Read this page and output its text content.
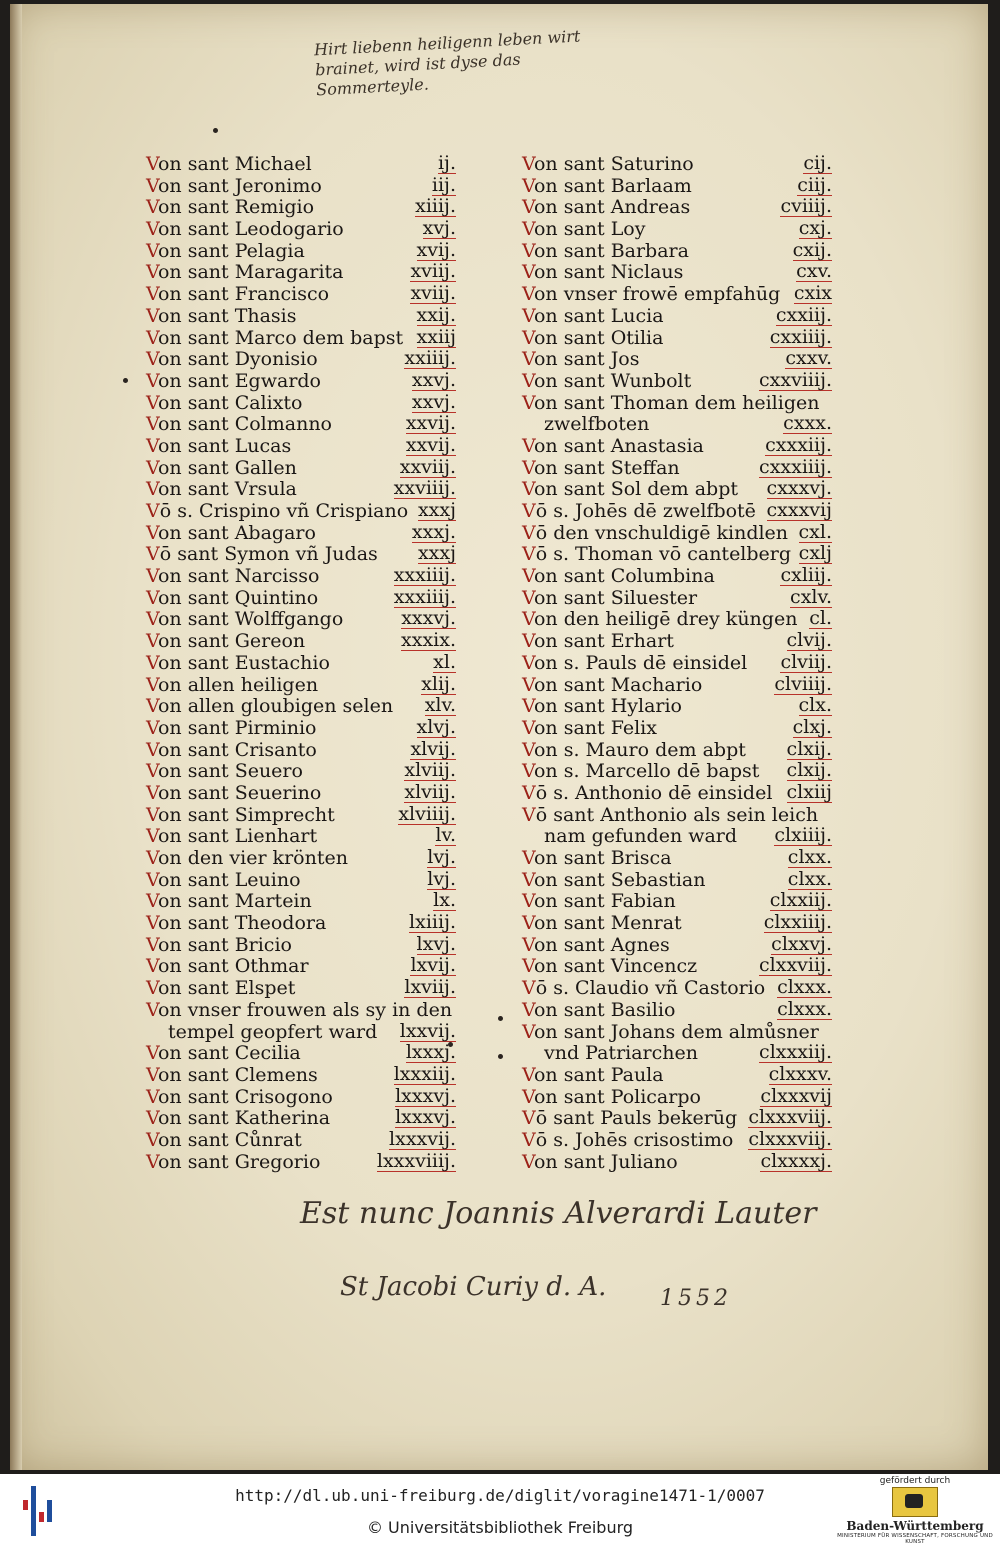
Hirt liebenn heiligenn leben wirt brainet, wird ist dyse das Sommerteyle.
Von sant Michael	ij.
Von sant Jeronimo	iij.
Von sant Remigio	xiiij.
Von sant Leodogario	xvj.
Von sant Pelagia	xvij.
Von sant Maragarita	xviij.
Von sant Francisco	xviij.
Von sant Thasis	xxij.
Von sant Marco dem bapst xxiij
Von sant Dyonisio	xxiiij.
Von sant Egwardo	xxvj.
Von sant Calixto	xxvj.
Von sant Colmanno	xxvij.
Von sant Lucas	xxvij.
Von sant Gallen	xxviij.
Von sant Vrsula	xxviiij.
Vō s. Crispino vñ Crispiano xxxj
Von sant Abagaro	xxxj.
Vō sant Symon vñ Judas xxxj
Von sant Narcisso	xxxiiij.
Von sant Quintino	xxxiiij.
Von sant Wolffgango	xxxvj.
Von sant Gereon	xxxix.
Von sant Eustachio	xl.
Von allen heiligen	xlij.
Von allen gloubigen selen xlv.
Von sant Pirminio	xlvj.
Von sant Crisanto	xlvij.
Von sant Seuero	xlviij.
Von sant Seuerino	xlviij.
Von sant Simprecht	xlviiij.
Von sant Lienhart	lv.
Von den vier krönten	lvj.
Von sant Leuino	lvj.
Von sant Martein	lx.
Von sant Theodora	lxiiij.
Von sant Bricio	lxvj.
Von sant Othmar	lxvij.
Von sant Elspet	lxviij.
Von vnser frouwen als sy in den
tempel geopfert ward lxxvij.
Von sant Cecilia	lxxxj.
Von sant Clemens	lxxxiij.
Von sant Crisogono	lxxxvj.
Von sant Katherina	lxxxvj.
Von sant Cůnrat	lxxxvij.
Von sant Gregorio	lxxxviiij.
Von sant Saturino	cij.
Von sant Barlaam	ciij.
Von sant Andreas	cviiij.
Von sant Loy	cxj.
Von sant Barbara	cxij.
Von sant Niclaus	cxv.
Von vnser frowē empfahūg cxix
Von sant Lucia	cxxiij.
Von sant Otilia	cxxiiij.
Von sant Jos	cxxv.
Von sant Wunbolt	cxxviiij.
Von sant Thoman dem heiligen
zwelfboten	cxxx.
Von sant Anastasia	cxxxiij.
Von sant Steffan	cxxxiiij.
Von sant Sol dem abpt cxxxvj.
Vō s. Johēs dē zwelfbotē cxxxvij
Vō den vnschuldigē kindlen cxl.
Vō s. Thoman vō cantelberg cxlj
Von sant Columbina	cxliij.
Von sant Siluester	cxlv.
Von den heiligē drey küngen cl.
Von sant Erhart	clvij.
Von s. Pauls dē einsidel clviij.
Von sant Machario	clviiij.
Von sant Hylario	clx.
Von sant Felix	clxj.
Von s. Mauro dem abpt clxij.
Von s. Marcello dē bapst clxij.
Vō s. Anthonio dē einsidel clxiij
Vō sant Anthonio als sein leich
nam gefunden ward clxiiij.
Von sant Brisca	clxx.
Von sant Sebastian	clxx.
Von sant Fabian	clxxiij.
Von sant Menrat	clxxiiij.
Von sant Agnes	clxxvj.
Von sant Vincencz	clxxviij.
Vō s. Claudio vñ Castorio clxxx.
Von sant Basilio	clxxx.
Von sant Johans dem almůsner
vnd Patriarchen	clxxxiij.
Von sant Paula	clxxxv.
Von sant Policarpo	clxxxvij
Vō sant Pauls bekerūg clxxxviij.
Vō s. Johēs crisostimo clxxxviij.
Von sant Juliano	clxxxxj.
Est nunc Joannis Alverardi Lauter
St Jacobi Curiy d. A. 1552
http://dl.ub.uni-freiburg.de/diglit/voragine1471-1/0007
© Universitätsbibliothek Freiburg
gefördert durch
Baden-Württemberg
MINISTERIUM FÜR WISSENSCHAFT, FORSCHUNG UND KUNST
